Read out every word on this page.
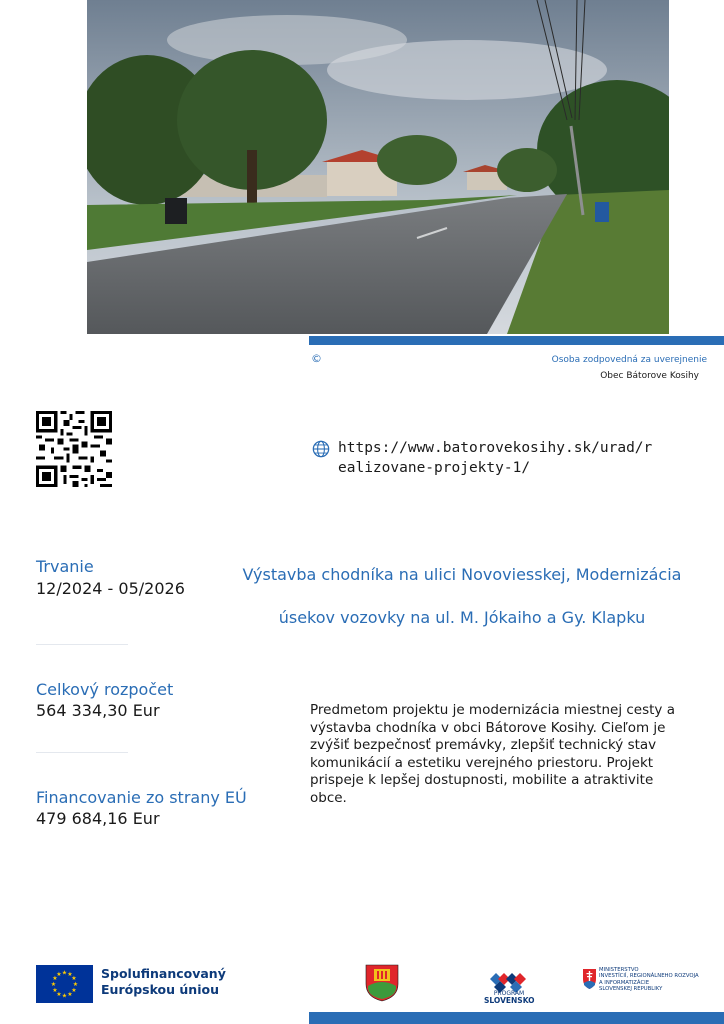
©	Osoba zodpovedná za uverejnenie
Obec Bátorove Kosihy
https://www.batorovekosihy.sk/urad/realizovane-projekty-1/
Trvanie
12/2024 - 05/2026
Celkový rozpočet
564 334,30 Eur
Financovanie zo strany EÚ
479 684,16 Eur
Výstavba chodníka na ulici Novoviesskej, Modernizácia úsekov vozovky na ul. M. Jókaiho a Gy. Klapku
Predmetom projektu je modernizácia miestnej cesty a výstavba chodníka v obci Bátorove Kosihy. Cieľom je zvýšiť bezpečnosť premávky, zlepšiť technický stav komunikácií a estetiku verejného priestoru. Projekt prispeje k lepšej dostupnosti, mobilite a atraktivite obce.
★ ★
★
★
★
★
★
★
★
★
★
★	Spolufinancovaný
Európskou úniou	PROGRAM
SLOVENSKO
MINISTERSTVO
INVESTÍCIÍ, REGIONÁLNEHO ROZVOJA
A INFORMATIZÁCIE
SLOVENSKEJ REPUBLIKY
